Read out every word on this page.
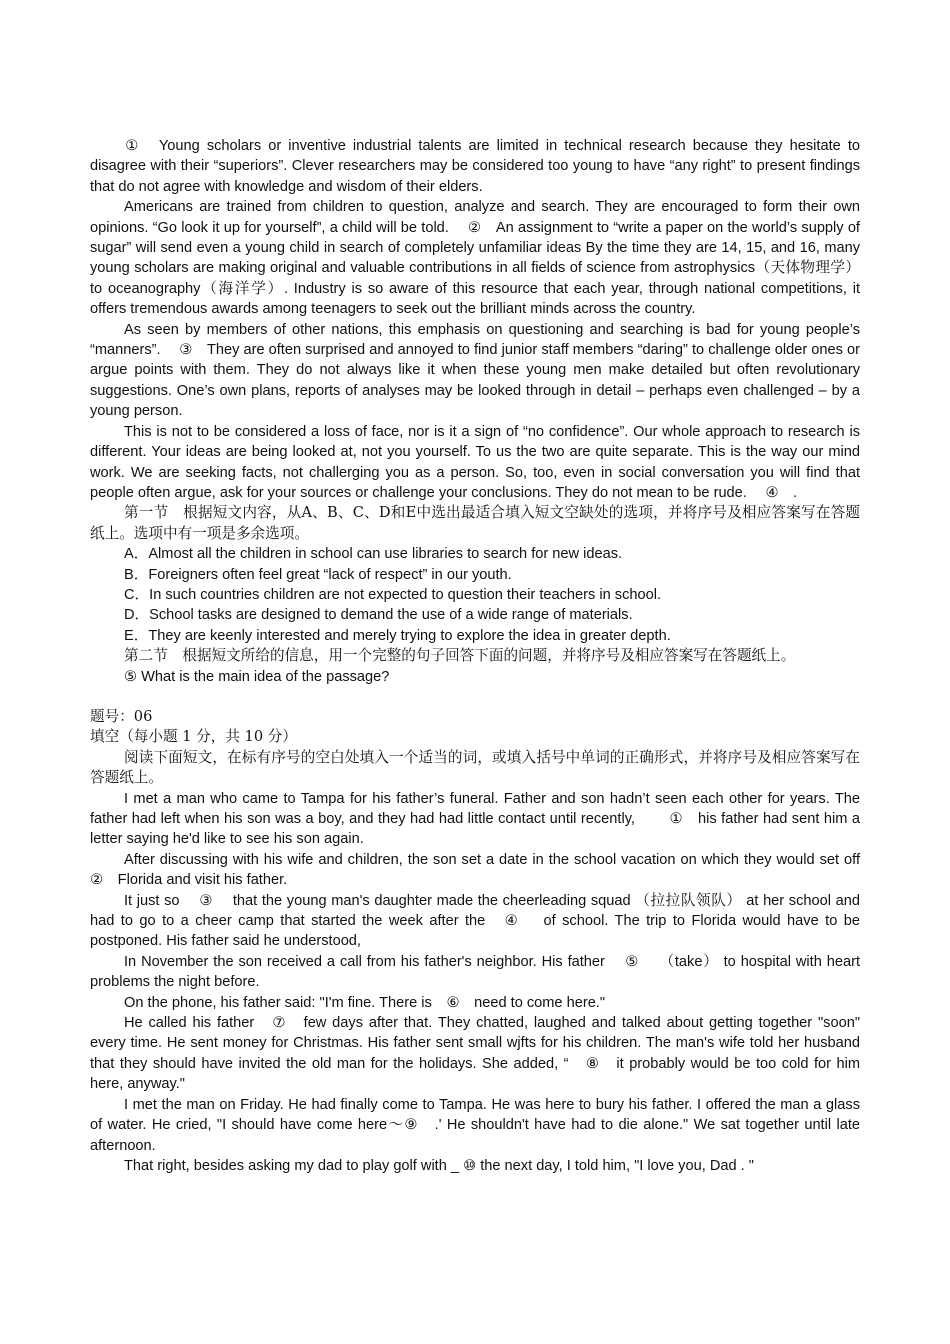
　　①　Young scholars or inventive industrial talents are limited in technical research because they hesitate to disagree with their “superiors”. Clever researchers may be considered too young to have “any right” to present findings that do not agree with knowledge and wisdom of their elders.

Americans are trained from children to question, analyze and search. They are encouraged to form their own opinions. “Go look it up for yourself”, a child will be told. 　②　An assignment to “write a paper on the world’s supply of sugar” will send even a young child in search of completely unfamiliar ideas By the time they are 14, 15, and 16, many young scholars are making original and valuable contributions in all fields of science from astrophysics（天体物理学）to oceanography（海洋学）. Industry is so aware of this resource that each year, through national competitions, it offers tremendous awards among teenagers to seek out the brilliant minds across the country.

As seen by members of other nations, this emphasis on questioning and searching is bad for young people’s “manners”. 　③　They are often surprised and annoyed to find junior staff members “daring” to challenge older ones or argue points with them. They do not always like it when these young men make detailed but often revolutionary suggestions. One’s own plans, reports of analyses may be looked through in detail – perhaps even challenged – by a young person.

This is not to be considered a loss of face, nor is it a sign of “no confidence”. Our whole approach to research is different. Your ideas are being looked at, not you yourself. To us the two are quite separate. This is the way our mind work. We are seeking facts, not challerging you as a person. So, too, even in social conversation you will find that people often argue, ask for your sources or challenge your conclusions. They do not mean to be rude. 　④　.

第一节　根据短文内容，从A、B、C、D和E中选出最适合填入短文空缺处的选项，并将序号及相应答案写在答题纸上。选项中有一项是多余选项。

A．Almost all the children in school can use libraries to search for new ideas.

B．Foreigners often feel great “lack of respect” in our youth.

C．In such countries children are not expected to question their teachers in school.

D．School tasks are designed to demand the use of a wide range of materials.

E．They are keenly interested and merely trying to explore the idea in greater depth.

第二节　根据短文所给的信息，用一个完整的句子回答下面的问题，并将序号及相应答案写在答题纸上。

⑤ What is the main idea of the passage?

题号：06

填空（每小题 1 分，共 10 分）

阅读下面短文，在标有序号的空白处填入一个适当的词，或填入括号中单词的正确形式，并将序号及相应答案写在答题纸上。

I met a man who came to Tampa for his father’s funeral. Father and son hadn’t seen each other for years. The father had left when his son was a boy, and they had had little contact until recently, 　　①　his father had sent him a letter saying he'd like to see his son again.

After discussing with his wife and children, the son set a date in the school vacation on which they would set off　②　Florida and visit his father.

It just so 　③　 that the young man's daughter made the cheerleading squad （拉拉队领队） at her school and had to go to a cheer camp that started the week after the　④　 of school. The trip to Florida would have to be postponed. His father said he understood,

In November the son received a call from his father's neighbor. His father 　⑤　 （take） to hospital with heart problems the night before.

On the phone, his father said: "I'm fine. There is　⑥　need to come here."

He called his father　⑦　few days after that. They chatted, laughed and talked about getting together "soon" every time. He sent money for Christmas. His father sent small wjfts for his children. The man's wife told her husband that they should have invited the old man for the holidays. She added, “　⑧　it probably would be too cold for him here, anyway."

I met the man on Friday. He had finally come to Tampa. He was here to bury his father. I offered the man a glass of water. He cried, "I should have come here～⑨　.' He shouldn't have had to die alone." We sat together until late afternoon.

That right, besides asking my dad to play golf with _ ⑩ the next day, I told him, "I love you, Dad . "
